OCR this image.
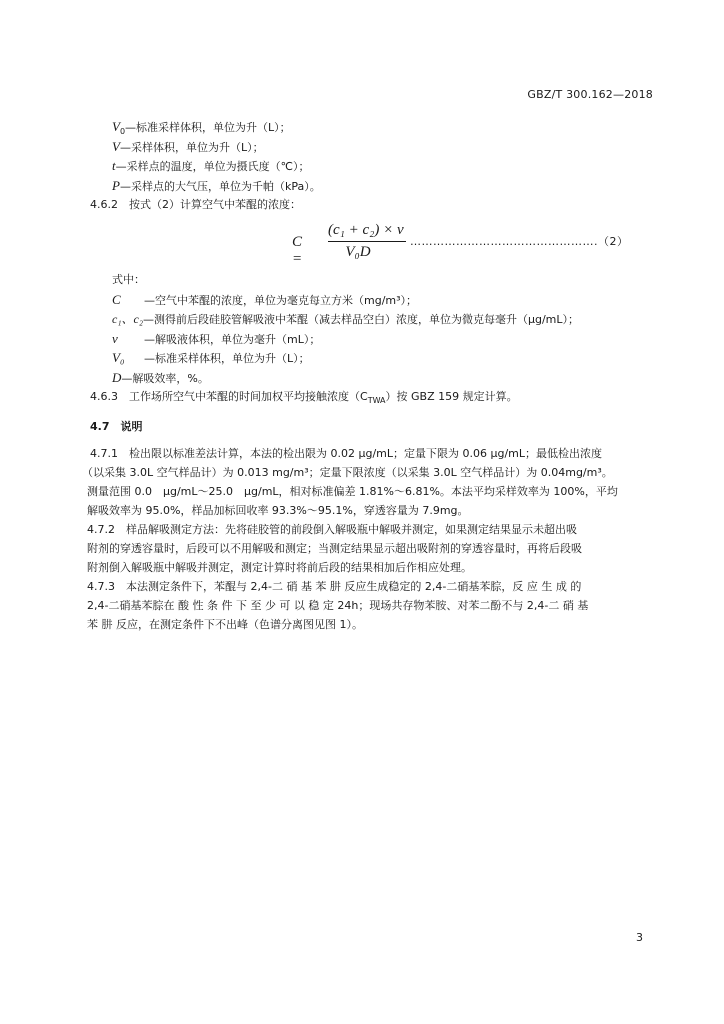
GBZ/T 300.162—2018
$V_0—$标准采样体积，单位为升（L）；
V—采样体积，单位为升（L）；
t—采样点的温度，单位为摄氏度（℃）；
P—采样点的大气压，单位为千帕（kPa）。
4.6.2　 按式（2）计算空气中苯醌的浓度：
C =
(c₁ + c₂) × v
V₀D
………………………………………….（2）
式中：
C —空气中苯醌的浓度，单位为毫克每立方米（mg/m³）；
c₁、c₂—测得前后段硅胶管解吸液中苯醌（减去样品空白）浓度，单位为微克每毫升（μg/mL）；
v —解吸液体积，单位为毫升（mL）；
V₀ —标准采样体积，单位为升（L）；
D—解吸效率，%。
4.6.3　 工作场所空气中苯醌的时间加权平均接触浓度$(C_{TWA})$按 GBZ 159 规定计算。
4.7　 说明
4.7.1　检出限以标准差法计算，本法的检出限为 0.02 μg/mL；定量下限为 0.06 μg/mL；最低检出浓度
（以采集 3.0L 空气样品计）为 0.013 mg/m³；定量下限浓度（以采集 3.0L 空气样品计）为 0.04mg/m³。
测量范围 0.0　μg/mL～25.0　μg/mL，相对标准偏差 1.81%～6.81%。本法平均采样效率为 100%，平均
解吸效率为 95.0%，样品加标回收率 93.3%～95.1%，穿透容量为 7.9mg。
4.7.2　样品解吸测定方法：先将硅胶管的前段倒入解吸瓶中解吸并测定，如果测定结果显示未超出吸
附剂的穿透容量时，后段可以不用解吸和测定；当测定结果显示超出吸附剂的穿透容量时，再将后段吸
附剂倒入解吸瓶中解吸并测定，测定计算时将前后段的结果相加后作相应处理。
4.7.3　本法测定条件下，苯醌与 2,4-二 硝 基 苯 肼 反应生成稳定的 2,4-二硝基苯腙，反 应 生 成 的
2,4-二硝基苯腙在 酸 性 条 件 下 至 少 可 以 稳 定 24h；现场共存物苯胺、对苯二酚不与 2,4-二 硝 基
苯 肼 反应，在测定条件下不出峰（色谱分离图见图 1）。
3
